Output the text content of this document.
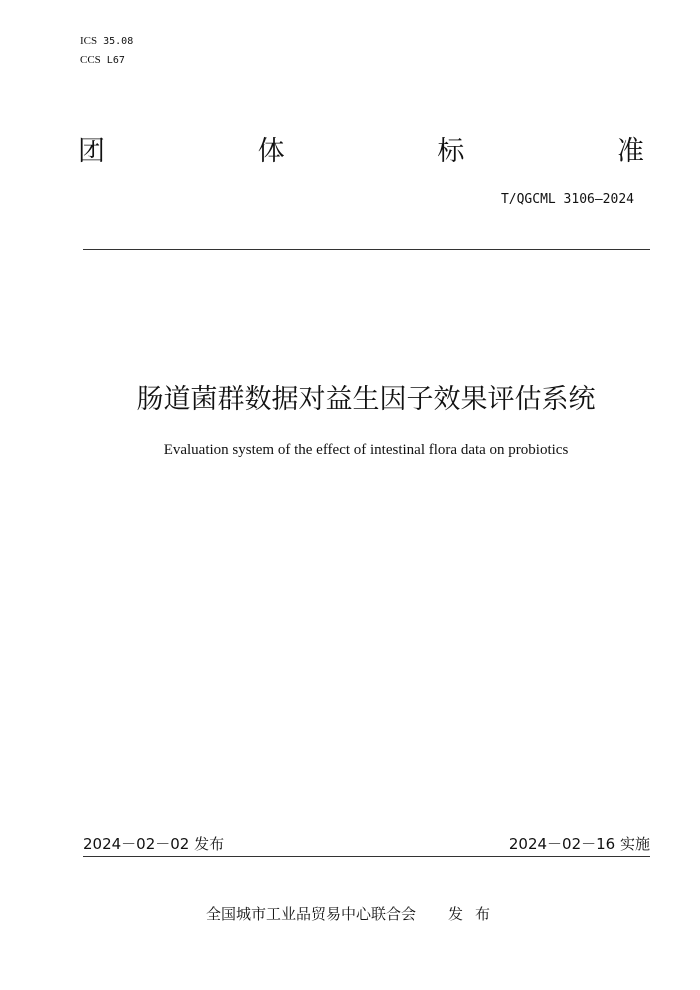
ICS 35.08
CCS L67
团	体	标	准
T/QGCML 3106—2024
肠道菌群数据对益生因子效果评估系统
Evaluation system of the effect of intestinal flora data on probiotics
2024－02－02 发布	2024－02－16 实施
全国城市工业品贸易中心联合会 发布
